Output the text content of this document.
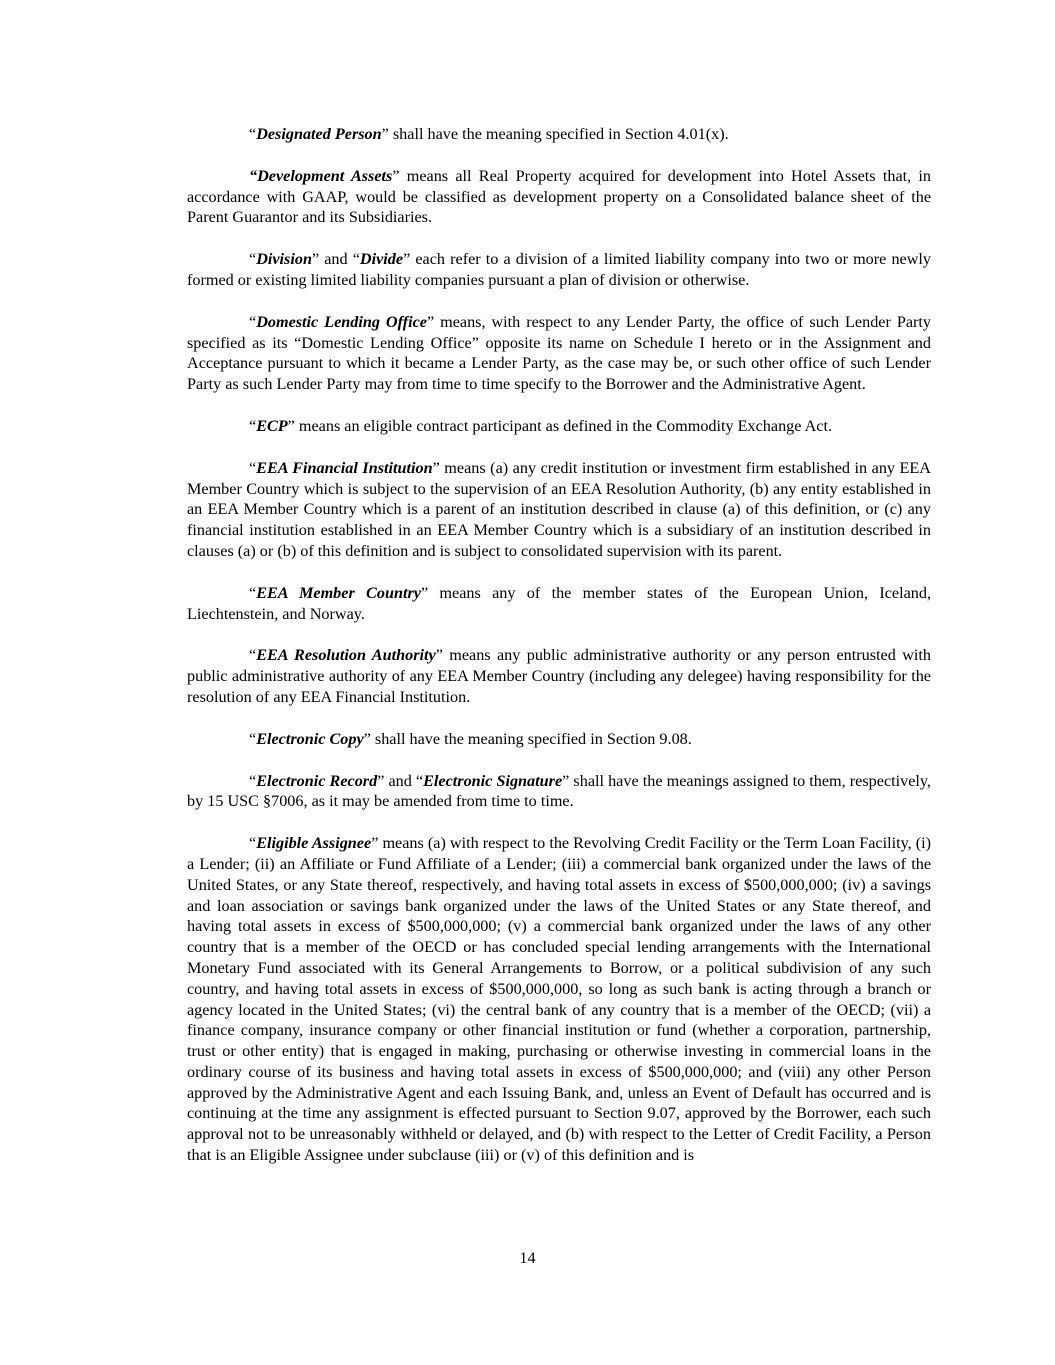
“Designated Person” shall have the meaning specified in Section 4.01(x).

“Development Assets” means all Real Property acquired for development into Hotel Assets that, in accordance with GAAP, would be classified as development property on a Consolidated balance sheet of the Parent Guarantor and its Subsidiaries.

“Division” and “Divide” each refer to a division of a limited liability company into two or more newly formed or existing limited liability companies pursuant a plan of division or otherwise.

“Domestic Lending Office” means, with respect to any Lender Party, the office of such Lender Party specified as its “Domestic Lending Office” opposite its name on Schedule I hereto or in the Assignment and Acceptance pursuant to which it became a Lender Party, as the case may be, or such other office of such Lender Party as such Lender Party may from time to time specify to the Borrower and the Administrative Agent.

“ECP” means an eligible contract participant as defined in the Commodity Exchange Act.

“EEA Financial Institution” means (a) any credit institution or investment firm established in any EEA Member Country which is subject to the supervision of an EEA Resolution Authority, (b) any entity established in an EEA Member Country which is a parent of an institution described in clause (a) of this definition, or (c) any financial institution established in an EEA Member Country which is a subsidiary of an institution described in clauses (a) or (b) of this definition and is subject to consolidated supervision with its parent.

“EEA Member Country” means any of the member states of the European Union, Iceland, Liechtenstein, and Norway.

“EEA Resolution Authority” means any public administrative authority or any person entrusted with public administrative authority of any EEA Member Country (including any delegee) having responsibility for the resolution of any EEA Financial Institution.

“Electronic Copy” shall have the meaning specified in Section 9.08.

“Electronic Record” and “Electronic Signature” shall have the meanings assigned to them, respectively, by 15 USC §7006, as it may be amended from time to time.

“Eligible Assignee” means (a) with respect to the Revolving Credit Facility or the Term Loan Facility, (i) a Lender; (ii) an Affiliate or Fund Affiliate of a Lender; (iii) a commercial bank organized under the laws of the United States, or any State thereof, respectively, and having total assets in excess of $500,000,000; (iv) a savings and loan association or savings bank organized under the laws of the United States or any State thereof, and having total assets in excess of $500,000,000; (v) a commercial bank organized under the laws of any other country that is a member of the OECD or has concluded special lending arrangements with the International Monetary Fund associated with its General Arrangements to Borrow, or a political subdivision of any such country, and having total assets in excess of $500,000,000, so long as such bank is acting through a branch or agency located in the United States; (vi) the central bank of any country that is a member of the OECD; (vii) a finance company, insurance company or other financial institution or fund (whether a corporation, partnership, trust or other entity) that is engaged in making, purchasing or otherwise investing in commercial loans in the ordinary course of its business and having total assets in excess of $500,000,000; and (viii) any other Person approved by the Administrative Agent and each Issuing Bank, and, unless an Event of Default has occurred and is continuing at the time any assignment is effected pursuant to Section 9.07, approved by the Borrower, each such approval not to be unreasonably withheld or delayed, and (b) with respect to the Letter of Credit Facility, a Person that is an Eligible Assignee under subclause (iii) or (v) of this definition and is

14
